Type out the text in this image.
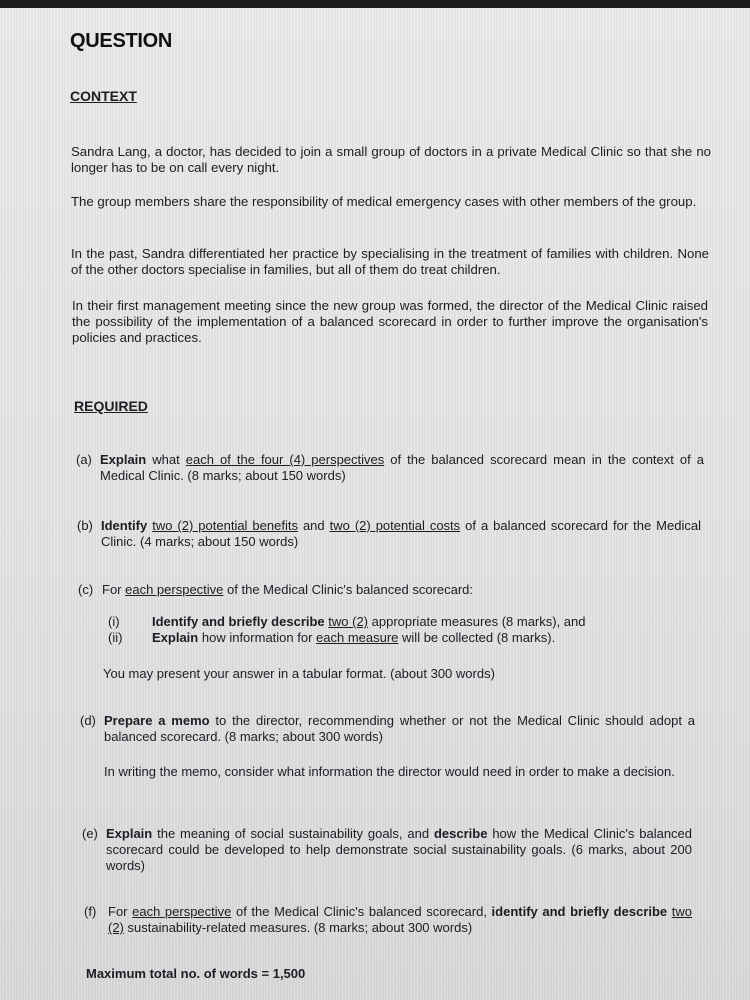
QUESTION
CONTEXT
Sandra Lang, a doctor, has decided to join a small group of doctors in a private Medical Clinic so that she no longer has to be on call every night.
The group members share the responsibility of medical emergency cases with other members of the group.
In the past, Sandra differentiated her practice by specialising in the treatment of families with children. None of the other doctors specialise in families, but all of them do treat children.
In their first management meeting since the new group was formed, the director of the Medical Clinic raised the possibility of the implementation of a balanced scorecard in order to further improve the organisation's policies and practices.
REQUIRED
(a) Explain what each of the four (4) perspectives of the balanced scorecard mean in the context of a Medical Clinic. (8 marks; about 150 words)
(b) Identify two (2) potential benefits and two (2) potential costs of a balanced scorecard for the Medical Clinic. (4 marks; about 150 words)
(c) For each perspective of the Medical Clinic's balanced scorecard:
(i) Identify and briefly describe two (2) appropriate measures (8 marks), and
(ii) Explain how information for each measure will be collected (8 marks).
You may present your answer in a tabular format. (about 300 words)
(d) Prepare a memo to the director, recommending whether or not the Medical Clinic should adopt a balanced scorecard. (8 marks; about 300 words)
In writing the memo, consider what information the director would need in order to make a decision.
(e) Explain the meaning of social sustainability goals, and describe how the Medical Clinic's balanced scorecard could be developed to help demonstrate social sustainability goals. (6 marks, about 200 words)
(f) For each perspective of the Medical Clinic's balanced scorecard, identify and briefly describe two (2) sustainability-related measures. (8 marks; about 300 words)
Maximum total no. of words = 1,500
